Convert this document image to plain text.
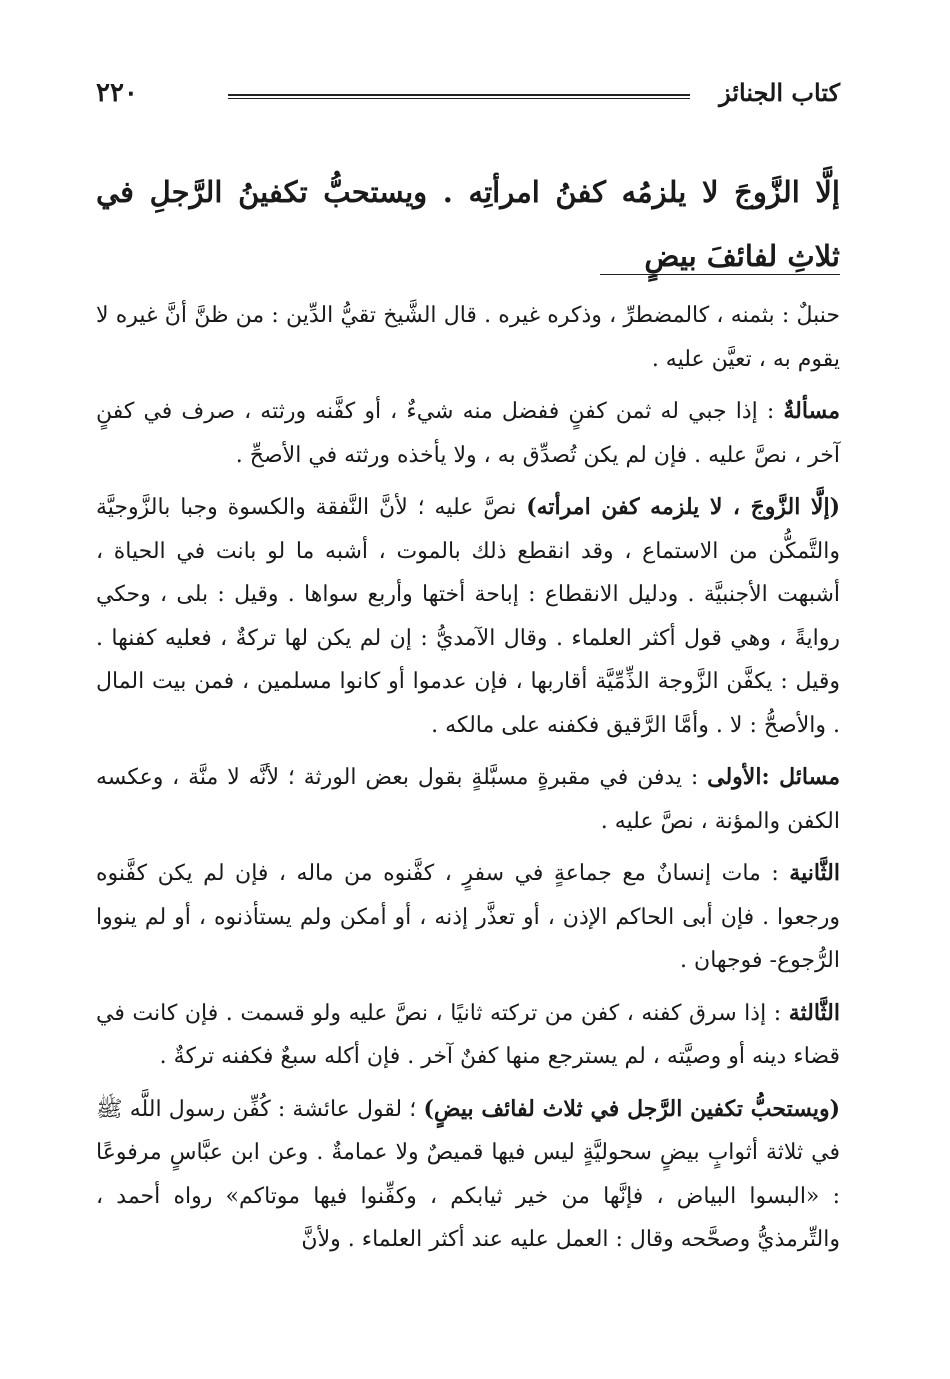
٢٢٠	كتاب الجنائز
إلَّا الزَّوجَ لا يلزمُه كفنُ امرأتِه . ويستحبُّ تكفينُ الرَّجلِ في ثلاثِ لفائفَ بيضٍ

حنبلٌ : بثمنه ، كالمضطرِّ ، وذكره غيره . قال الشَّيخ تقيُّ الدِّين : من ظنَّ أنَّ غيره لا يقوم به ، تعيَّن عليه .

مسألةٌ : إذا جبي له ثمن كفنٍ ففضل منه شيءٌ ، أو كفَّنه ورثته ، صرف في كفنٍ آخر ، نصَّ عليه . فإن لم يكن تُصدِّق به ، ولا يأخذه ورثته في الأصحِّ .

(إلَّا الزَّوجَ ، لا يلزمه كفن امرأته) نصَّ عليه ؛ لأنَّ النَّفقة والكسوة وجبا بالزَّوجيَّة والتَّمكُّن من الاستماع ، وقد انقطع ذلك بالموت ، أشبه ما لو بانت في الحياة ، أشبهت الأجنبيَّة . ودليل الانقطاع : إباحة أختها وأربع سواها . وقيل : بلى ، وحكي روايةً ، وهي قول أكثر العلماء . وقال الآمديُّ : إن لم يكن لها تركةٌ ، فعليه كفنها . وقيل : يكفَّن الزَّوجة الذِّمِّيَّة أقاربها ، فإن عدموا أو كانوا مسلمين ، فمن بيت المال . والأصحُّ : لا . وأمَّا الرَّقيق فكفنه على مالكه .

مسائل :الأولى : يدفن في مقبرةٍ مسبَّلةٍ بقول بعض الورثة ؛ لأنَّه لا منَّة ، وعكسه الكفن والمؤنة ، نصَّ عليه .

الثَّانية : مات إنسانٌ مع جماعةٍ في سفرٍ ، كفَّنوه من ماله ، فإن لم يكن كفَّنوه ورجعوا . فإن أبى الحاكم الإذن ، أو تعذَّر إذنه ، أو أمكن ولم يستأذنوه ، أو لم ينووا الرُّجوع- فوجهان .

الثَّالثة : إذا سرق كفنه ، كفن من تركته ثانيًا ، نصَّ عليه ولو قسمت . فإن كانت في قضاء دينه أو وصيَّته ، لم يسترجع منها كفنٌ آخر . فإن أكله سبعٌ فكفنه تركةٌ .

(ويستحبُّ تكفين الرَّجل في ثلاث لفائف بيضٍ) ؛ لقول عائشة : كُفِّن رسول اللَّه ﷺ في ثلاثة أثوابٍ بيضٍ سحوليَّةٍ ليس فيها قميصٌ ولا عمامةٌ . وعن ابن عبَّاسٍ مرفوعًا : «البسوا البياض ، فإنَّها من خير ثيابكم ، وكفِّنوا فيها موتاكم» رواه أحمد ، والتِّرمذيُّ وصحَّحه وقال : العمل عليه عند أكثر العلماء . ولأنَّ
